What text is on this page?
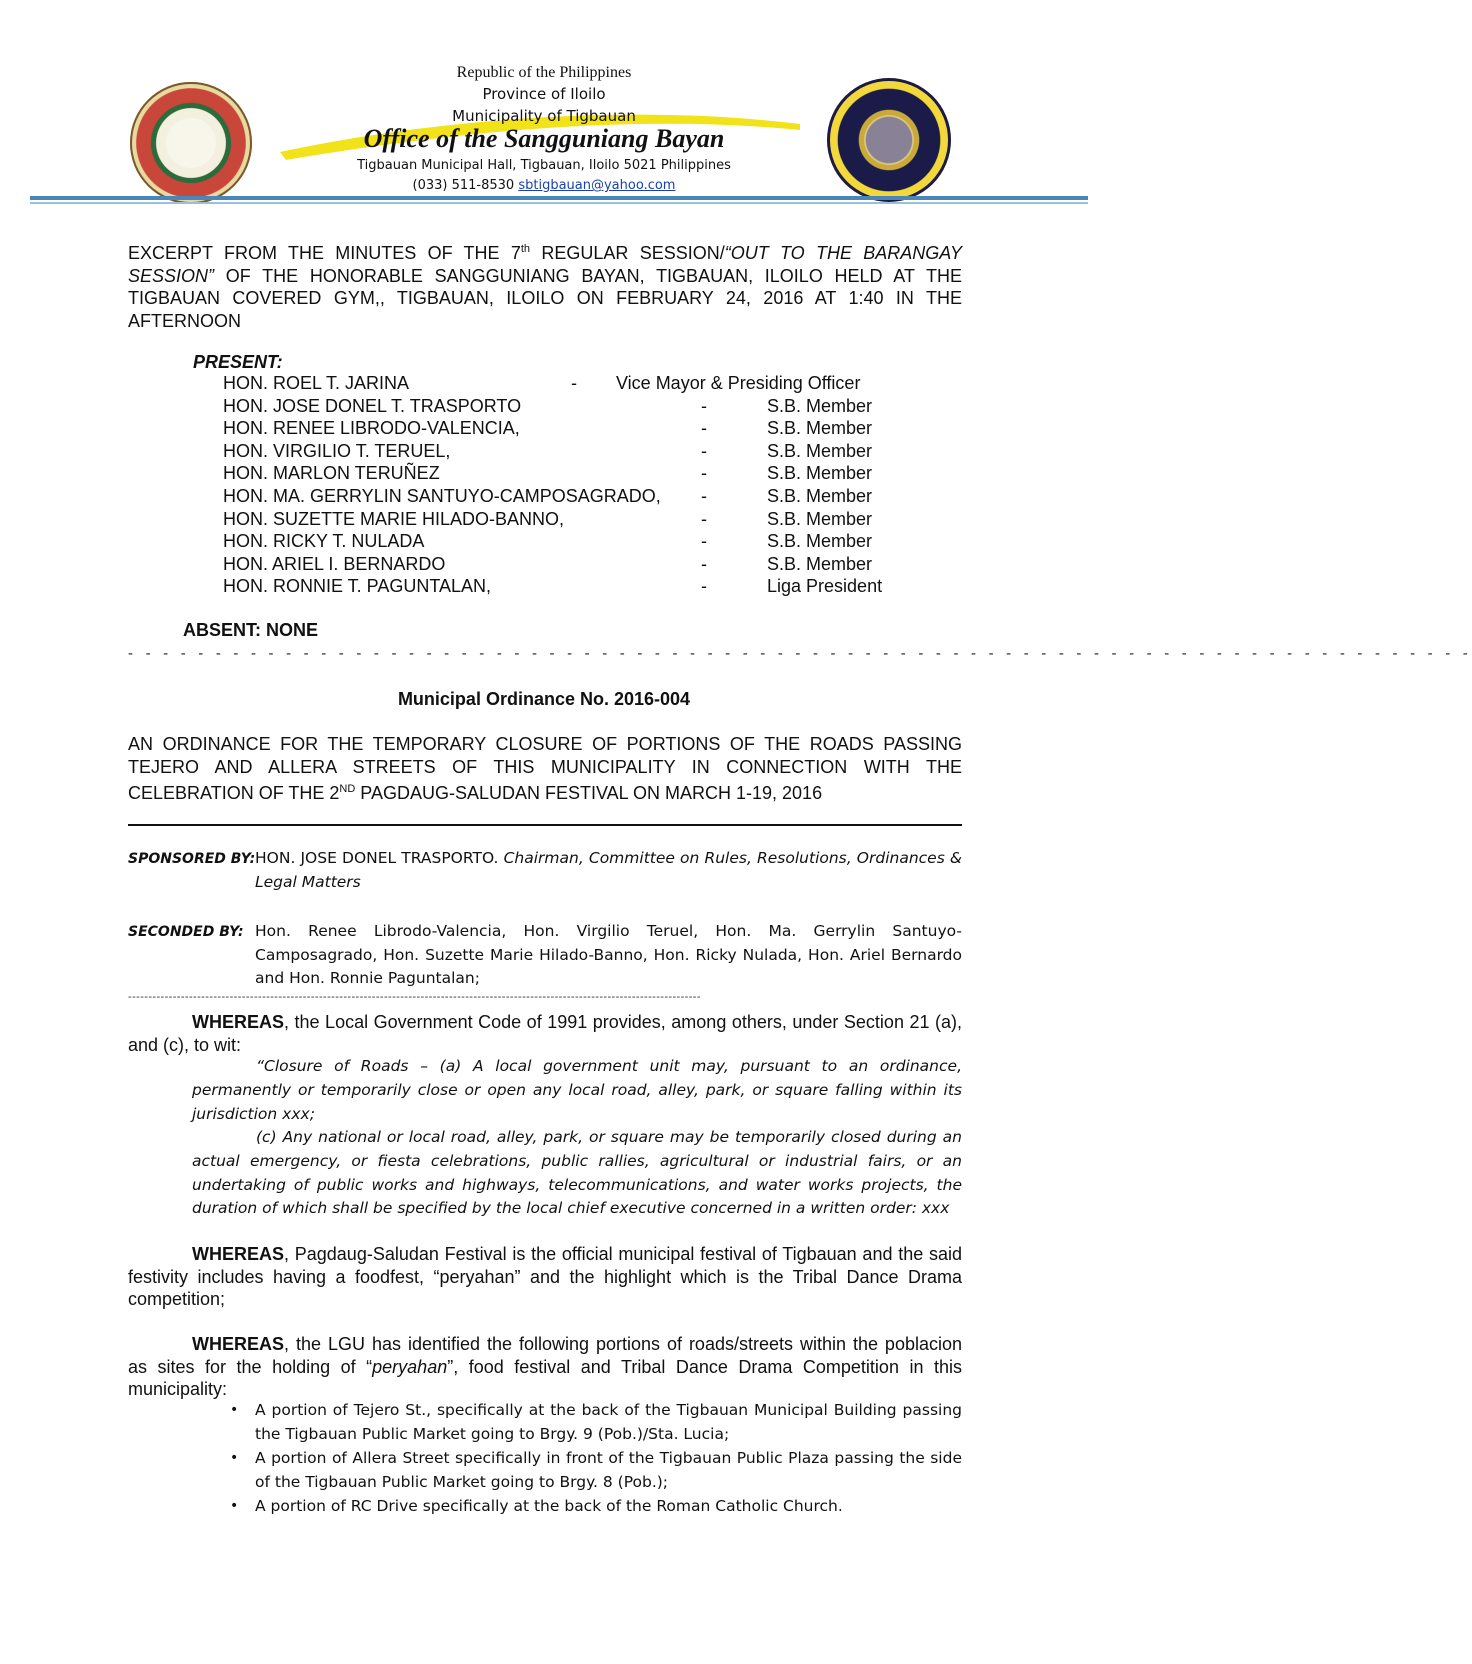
Republic of the Philippines
Province of Iloilo
Municipality of Tigbauan
Office of the Sangguniang Bayan
Tigbauan Municipal Hall, Tigbauan, Iloilo 5021 Philippines
(033) 511-8530 sbtigbauan@yahoo.com
EXCERPT FROM THE MINUTES OF THE 7th REGULAR SESSION/“OUT TO THE BARANGAY SESSION” OF THE HONORABLE SANGGUNIANG BAYAN, TIGBAUAN, ILOILO HELD AT THE TIGBAUAN COVERED GYM,, TIGBAUAN, ILOILO ON FEBRUARY 24, 2016 AT 1:40 IN THE AFTERNOON
PRESENT:
HON. ROEL T. JARINA	- Vice Mayor & Presiding Officer
HON. JOSE DONEL T. TRASPORTO	-	S.B. Member
HON. RENEE LIBRODO-VALENCIA,	-	S.B. Member
HON. VIRGILIO T. TERUEL,	-	S.B. Member
HON. MARLON TERUÑEZ	-	S.B. Member
HON. MA. GERRYLIN SANTUYO-CAMPOSAGRADO, -	S.B. Member
HON. SUZETTE MARIE HILADO-BANNO,	-	S.B. Member
HON. RICKY T. NULADA	-	S.B. Member
HON. ARIEL I. BERNARDO	-	S.B. Member
HON. RONNIE T. PAGUNTALAN,	-	Liga President
ABSENT: NONE
- - - - - - - - - - - - - - - - - - - - - - - - - - - - - - - - - - - - - - - - - - - - - - - - - - - - - - - - - - - - - - - - - - - - - - - - - - - - -
Municipal Ordinance No. 2016-004
AN ORDINANCE FOR THE TEMPORARY CLOSURE OF PORTIONS OF THE ROADS PASSING TEJERO AND ALLERA STREETS OF THIS MUNICIPALITY IN CONNECTION WITH THE CELEBRATION OF THE 2ND PAGDAUG-SALUDAN FESTIVAL ON MARCH 1-19, 2016
SPONSORED BY: HON. JOSE DONEL TRASPORTO. Chairman, Committee on Rules, Resolutions, Ordinances & Legal Matters
SECONDED BY: Hon. Renee Librodo-Valencia, Hon. Virgilio Teruel, Hon. Ma. Gerrylin Santuyo-Camposagrado, Hon. Suzette Marie Hilado-Banno, Hon. Ricky Nulada, Hon. Ariel Bernardo and Hon. Ronnie Paguntalan;
---------------------------------------------------------------------------------------------------------------------------------------------
WHEREAS, the Local Government Code of 1991 provides, among others, under Section 21 (a), and (c), to wit:
“Closure of Roads – (a) A local government unit may, pursuant to an ordinance, permanently or temporarily close or open any local road, alley, park, or square falling within its jurisdiction xxx;
(c) Any national or local road, alley, park, or square may be temporarily closed during an actual emergency, or fiesta celebrations, public rallies, agricultural or industrial fairs, or an undertaking of public works and highways, telecommunications, and water works projects, the duration of which shall be specified by the local chief executive concerned in a written order: xxx
WHEREAS, Pagdaug-Saludan Festival is the official municipal festival of Tigbauan and the said festivity includes having a foodfest, “peryahan” and the highlight which is the Tribal Dance Drama competition;
WHEREAS, the LGU has identified the following portions of roads/streets within the poblacion as sites for the holding of “peryahan”, food festival and Tribal Dance Drama Competition in this municipality:
• A portion of Tejero St., specifically at the back of the Tigbauan Municipal Building passing the Tigbauan Public Market going to Brgy. 9 (Pob.)/Sta. Lucia;
• A portion of Allera Street specifically in front of the Tigbauan Public Plaza passing the side of the Tigbauan Public Market going to Brgy. 8 (Pob.);
• A portion of RC Drive specifically at the back of the Roman Catholic Church.
